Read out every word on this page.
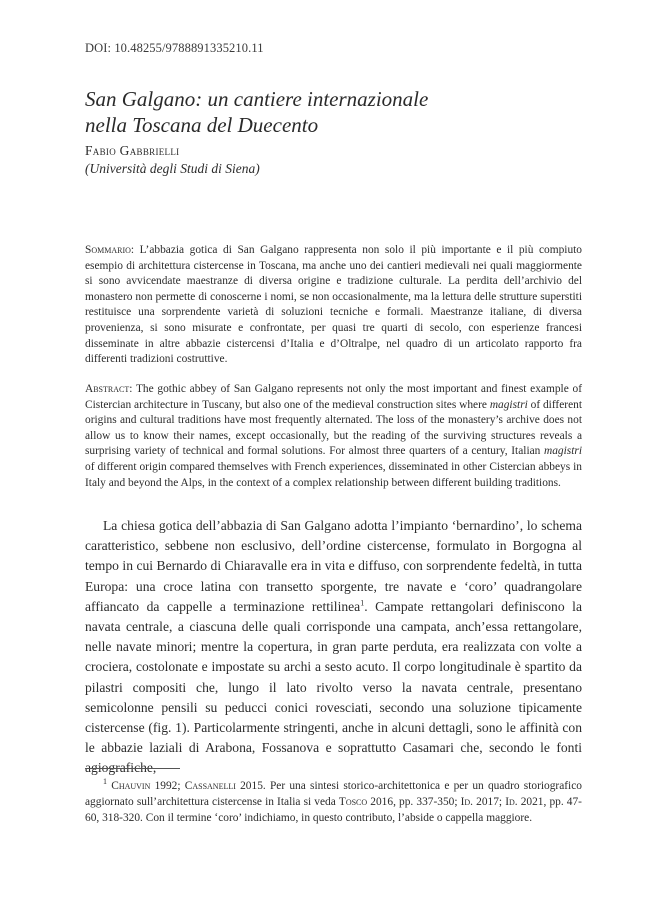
DOI: 10.48255/9788891335210.11
San Galgano: un cantiere internazionale
nella Toscana del Duecento
Fabio Gabbrielli
(Università degli Studi di Siena)

Sommario: L’abbazia gotica di San Galgano rappresenta non solo il più importante e il più compiuto esempio di architettura cistercense in Toscana, ma anche uno dei cantieri medievali nei quali maggiormente si sono avvicendate maestranze di diversa origine e tradizione culturale. La perdita dell’archivio del monastero non permette di conoscerne i nomi, se non occasionalmente, ma la lettura delle strutture superstiti restituisce una sorprendente varietà di soluzioni tecniche e formali. Maestranze italiane, di diversa provenienza, si sono misurate e confrontate, per quasi tre quarti di secolo, con esperienze francesi disseminate in altre abbazie cistercensi d’Italia e d’Oltralpe, nel quadro di un articolato rapporto fra differenti tradizioni costruttive.

Abstract: The gothic abbey of San Galgano represents not only the most important and finest example of Cistercian architecture in Tuscany, but also one of the medieval construction sites where magistri of different origins and cultural traditions have most frequently alternated. The loss of the monastery’s archive does not allow us to know their names, except occasionally, but the reading of the surviving structures reveals a surprising variety of technical and formal solutions. For almost three quarters of a century, Italian magistri of different origin compared themselves with French experiences, disseminated in other Cistercian abbeys in Italy and beyond the Alps, in the context of a complex relationship between different building traditions.

La chiesa gotica dell’abbazia di San Galgano adotta l’impianto ‘bernardino’, lo schema caratteristico, sebbene non esclusivo, dell’ordine cistercense, formulato in Borgogna al tempo in cui Bernardo di Chiaravalle era in vita e diffuso, con sorprendente fedeltà, in tutta Europa: una croce latina con transetto sporgente, tre navate e ‘coro’ quadrangolare affiancato da cappelle a terminazione rettilinea$^1$. Campate rettangolari definiscono la navata centrale, a ciascuna delle quali corrisponde una campata, anch’essa rettangolare, nelle navate minori; mentre la copertura, in gran parte perduta, era realizzata con volte a crociera, costolonate e impostate su archi a sesto acuto. Il corpo longitudinale è spartito da pilastri compositi che, lungo il lato rivolto verso la navata centrale, presentano semicolonne pensili su peducci conici rovesciati, secondo una soluzione tipicamente cistercense (fig. 1). Particolarmente stringenti, anche in alcuni dettagli, sono le affinità con le abbazie laziali di Arabona, Fossanova e soprattutto Casamari che, secondo le fonti agiografiche,

$^1$ Chauvin 1992; Cassanelli 2015. Per una sintesi storico-architettonica e per un quadro storiografico aggiornato sull’architettura cistercense in Italia si veda Tosco 2016, pp. 337-350; Id. 2017; Id. 2021, pp. 47-60, 318-320. Con il termine ‘coro’ indichiamo, in questo contributo, l’abside o cappella maggiore.
